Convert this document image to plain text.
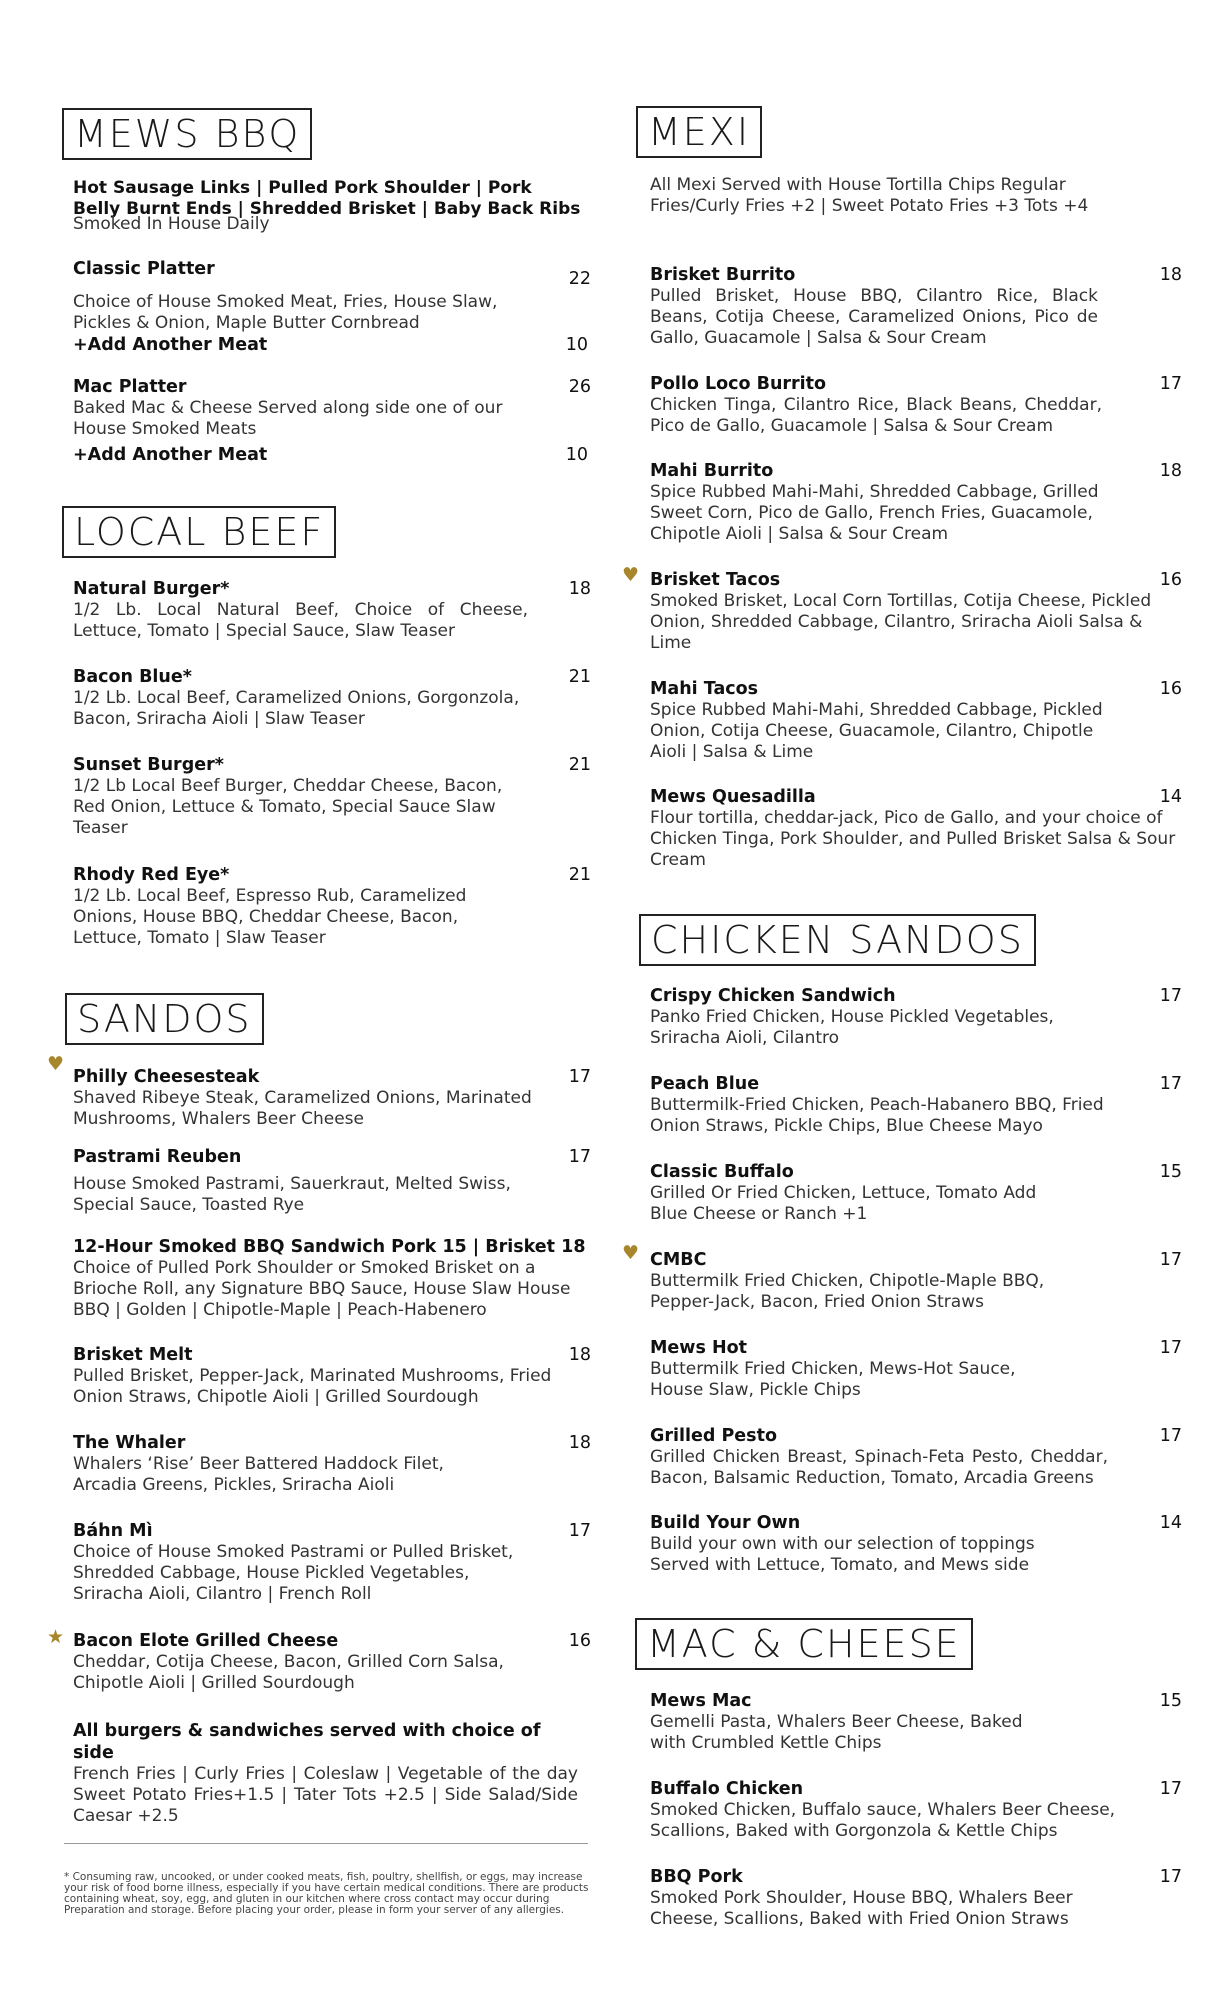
MEWS BBQ
Hot Sausage Links | Pulled Pork Shoulder | Pork Belly Burnt Ends | Shredded Brisket | Baby Back Ribs
Smoked In House Daily
Classic Platter	22
Choice of House Smoked Meat, Fries, House Slaw, Pickles & Onion, Maple Butter Cornbread
+Add Another Meat	10
Mac Platter	26
Baked Mac & Cheese Served along side one of our House Smoked Meats
+Add Another Meat	10
LOCAL BEEF
Natural Burger*	18
1/2 Lb. Local Natural Beef, Choice of Cheese, Lettuce, Tomato | Special Sauce, Slaw Teaser
Bacon Blue*	21
1/2 Lb. Local Beef, Caramelized Onions, Gorgonzola, Bacon, Sriracha Aioli | Slaw Teaser
Sunset Burger*	21
1/2 Lb Local Beef Burger, Cheddar Cheese, Bacon, Red Onion, Lettuce & Tomato, Special Sauce Slaw Teaser
Rhody Red Eye*	21
1/2 Lb. Local Beef, Espresso Rub, Caramelized Onions, House BBQ, Cheddar Cheese, Bacon, Lettuce, Tomato | Slaw Teaser
SANDOS
♥
Philly Cheesesteak	17
Shaved Ribeye Steak, Caramelized Onions, Marinated Mushrooms, Whalers Beer Cheese
Pastrami Reuben	17
House Smoked Pastrami, Sauerkraut, Melted Swiss, Special Sauce, Toasted Rye
12-Hour Smoked BBQ Sandwich Pork 15 | Brisket 18
Choice of Pulled Pork Shoulder or Smoked Brisket on a Brioche Roll, any Signature BBQ Sauce, House Slaw House BBQ | Golden | Chipotle-Maple | Peach-Habenero
Brisket Melt	18
Pulled Brisket, Pepper-Jack, Marinated Mushrooms, Fried Onion Straws, Chipotle Aioli | Grilled Sourdough
The Whaler	18
Whalers ‘Rise’ Beer Battered Haddock Filet, Arcadia Greens, Pickles, Sriracha Aioli
Báhn Mì	17
Choice of House Smoked Pastrami or Pulled Brisket, Shredded Cabbage, House Pickled Vegetables, Sriracha Aioli, Cilantro | French Roll
★ Bacon Elote Grilled Cheese	16
Cheddar, Cotija Cheese, Bacon, Grilled Corn Salsa, Chipotle Aioli | Grilled Sourdough
All burgers & sandwiches served with choice of side
French Fries | Curly Fries | Coleslaw | Vegetable of the day Sweet Potato Fries+1.5 | Tater Tots +2.5 | Side Salad/Side Caesar +2.5
* Consuming raw, uncooked, or under cooked meats, fish, poultry, shellfish, or eggs, may increase your risk of food borne illness, especially if you have certain medical conditions. There are products containing wheat, soy, egg, and gluten in our kitchen where cross contact may occur during Preparation and storage. Before placing your order, please in form your server of any allergies.
MEXI
All Mexi Served with House Tortilla Chips Regular Fries/Curly Fries +2 | Sweet Potato Fries +3 Tots +4
Brisket Burrito	18
Pulled Brisket, House BBQ, Cilantro Rice, Black Beans, Cotija Cheese, Caramelized Onions, Pico de Gallo, Guacamole | Salsa & Sour Cream
Pollo Loco Burrito	17
Chicken Tinga, Cilantro Rice, Black Beans, Cheddar, Pico de Gallo, Guacamole | Salsa & Sour Cream
Mahi Burrito	18
Spice Rubbed Mahi-Mahi, Shredded Cabbage, Grilled Sweet Corn, Pico de Gallo, French Fries, Guacamole, Chipotle Aioli | Salsa & Sour Cream
♥ Brisket Tacos	16
Smoked Brisket, Local Corn Tortillas, Cotija Cheese, Pickled Onion, Shredded Cabbage, Cilantro, Sriracha Aioli Salsa & Lime
Mahi Tacos	16
Spice Rubbed Mahi-Mahi, Shredded Cabbage, Pickled Onion, Cotija Cheese, Guacamole, Cilantro, Chipotle Aioli | Salsa & Lime
Mews Quesadilla	14
Flour tortilla, cheddar-jack, Pico de Gallo, and your choice of Chicken Tinga, Pork Shoulder, and Pulled Brisket Salsa & Sour Cream
CHICKEN SANDOS
Crispy Chicken Sandwich	17
Panko Fried Chicken, House Pickled Vegetables, Sriracha Aioli, Cilantro
Peach Blue	17
Buttermilk-Fried Chicken, Peach-Habanero BBQ, Fried Onion Straws, Pickle Chips, Blue Cheese Mayo
Classic Buffalo	15
Grilled Or Fried Chicken, Lettuce, Tomato Add Blue Cheese or Ranch +1
♥ CMBC	17
Buttermilk Fried Chicken, Chipotle-Maple BBQ, Pepper-Jack, Bacon, Fried Onion Straws
Mews Hot	17
Buttermilk Fried Chicken, Mews-Hot Sauce, House Slaw, Pickle Chips
Grilled Pesto	17
Grilled Chicken Breast, Spinach-Feta Pesto, Cheddar, Bacon, Balsamic Reduction, Tomato, Arcadia Greens
Build Your Own	14
Build your own with our selection of toppings Served with Lettuce, Tomato, and Mews side
MAC & CHEESE
Mews Mac	15
Gemelli Pasta, Whalers Beer Cheese, Baked with Crumbled Kettle Chips
Buffalo Chicken	17
Smoked Chicken, Buffalo sauce, Whalers Beer Cheese, Scallions, Baked with Gorgonzola & Kettle Chips
BBQ Pork	17
Smoked Pork Shoulder, House BBQ, Whalers Beer Cheese, Scallions, Baked with Fried Onion Straws
